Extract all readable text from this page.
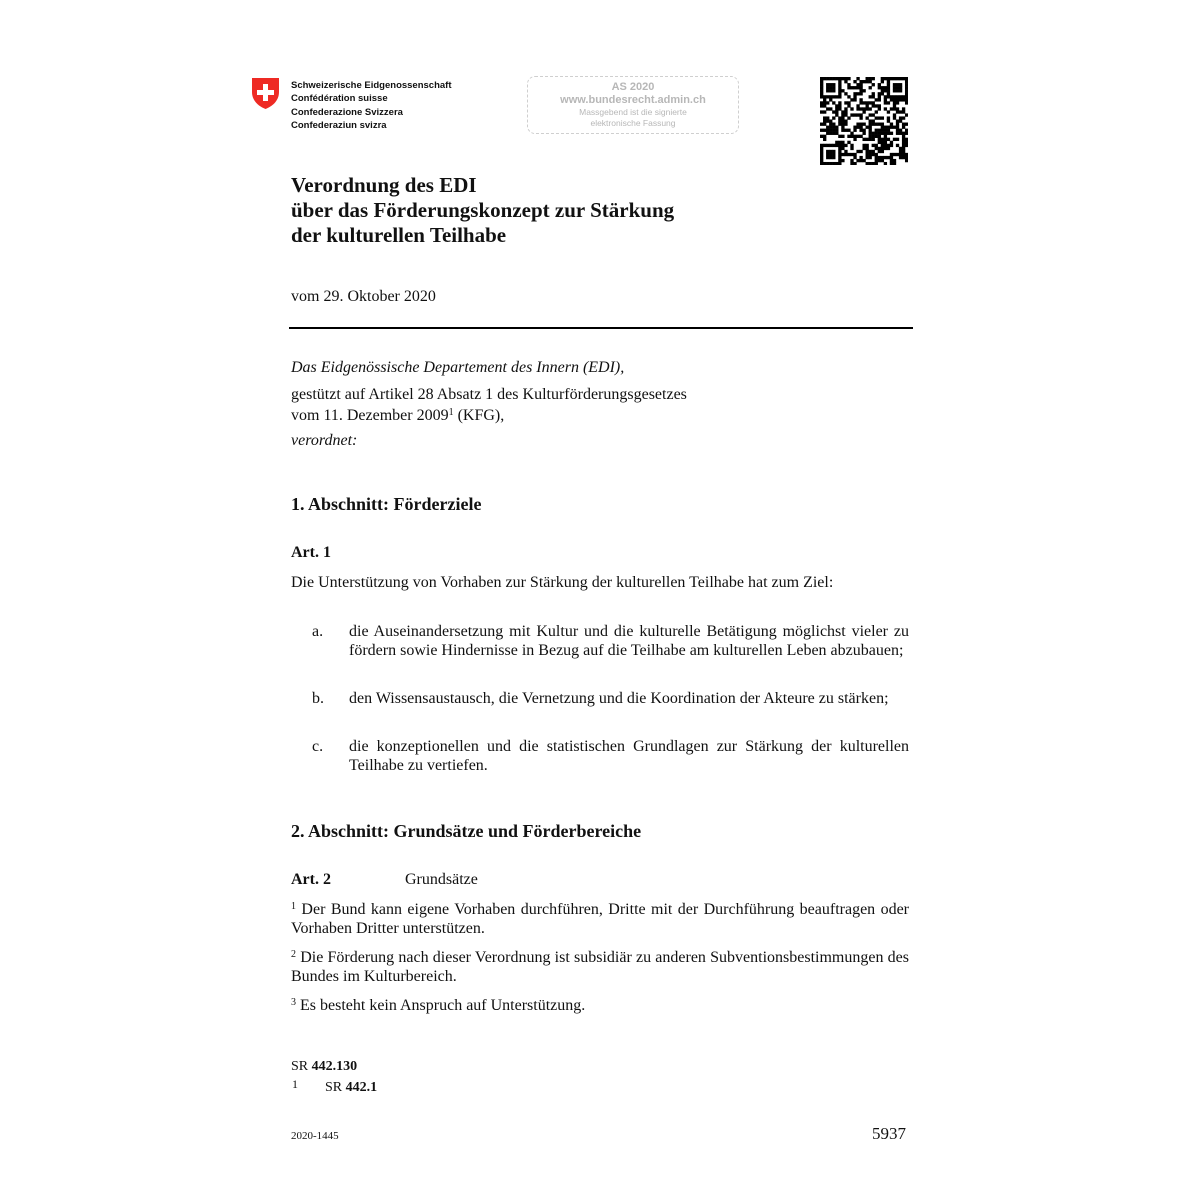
Schweizerische Eidgenossenschaft
Confédération suisse
Confederazione Svizzera
Confederaziun svizra
AS 2020
www.bundesrecht.admin.ch
Massgebend ist die signierte
elektronische Fassung
Verordnung des EDI
über das Förderungskonzept zur Stärkung
der kulturellen Teilhabe
vom 29. Oktober 2020
Das Eidgenössische Departement des Innern (EDI),
gestützt auf Artikel 28 Absatz 1 des Kulturförderungsgesetzes
vom 11. Dezember 2009$^1$ (KFG),
verordnet:
1. Abschnitt: Förderziele
Art. 1
Die Unterstützung von Vorhaben zur Stärkung der kulturellen Teilhabe hat zum Ziel:
a. die Auseinandersetzung mit Kultur und die kulturelle Betätigung möglichst vieler zu fördern sowie Hindernisse in Bezug auf die Teilhabe am kulturellen Leben abzubauen;
b. den Wissensaustausch, die Vernetzung und die Koordination der Akteure zu stärken;
c. die konzeptionellen und die statistischen Grundlagen zur Stärkung der kulturellen Teilhabe zu vertiefen.
2. Abschnitt: Grundsätze und Förderbereiche
Art. 2	Grundsätze
$^1$ Der Bund kann eigene Vorhaben durchführen, Dritte mit der Durchführung beauftragen oder Vorhaben Dritter unterstützen.
$^2$ Die Förderung nach dieser Verordnung ist subsidiär zu anderen Subventionsbestimmungen des Bundes im Kulturbereich.
$^3$ Es besteht kein Anspruch auf Unterstützung.
SR 442.130
1 SR 442.1
2020-1445	5937
